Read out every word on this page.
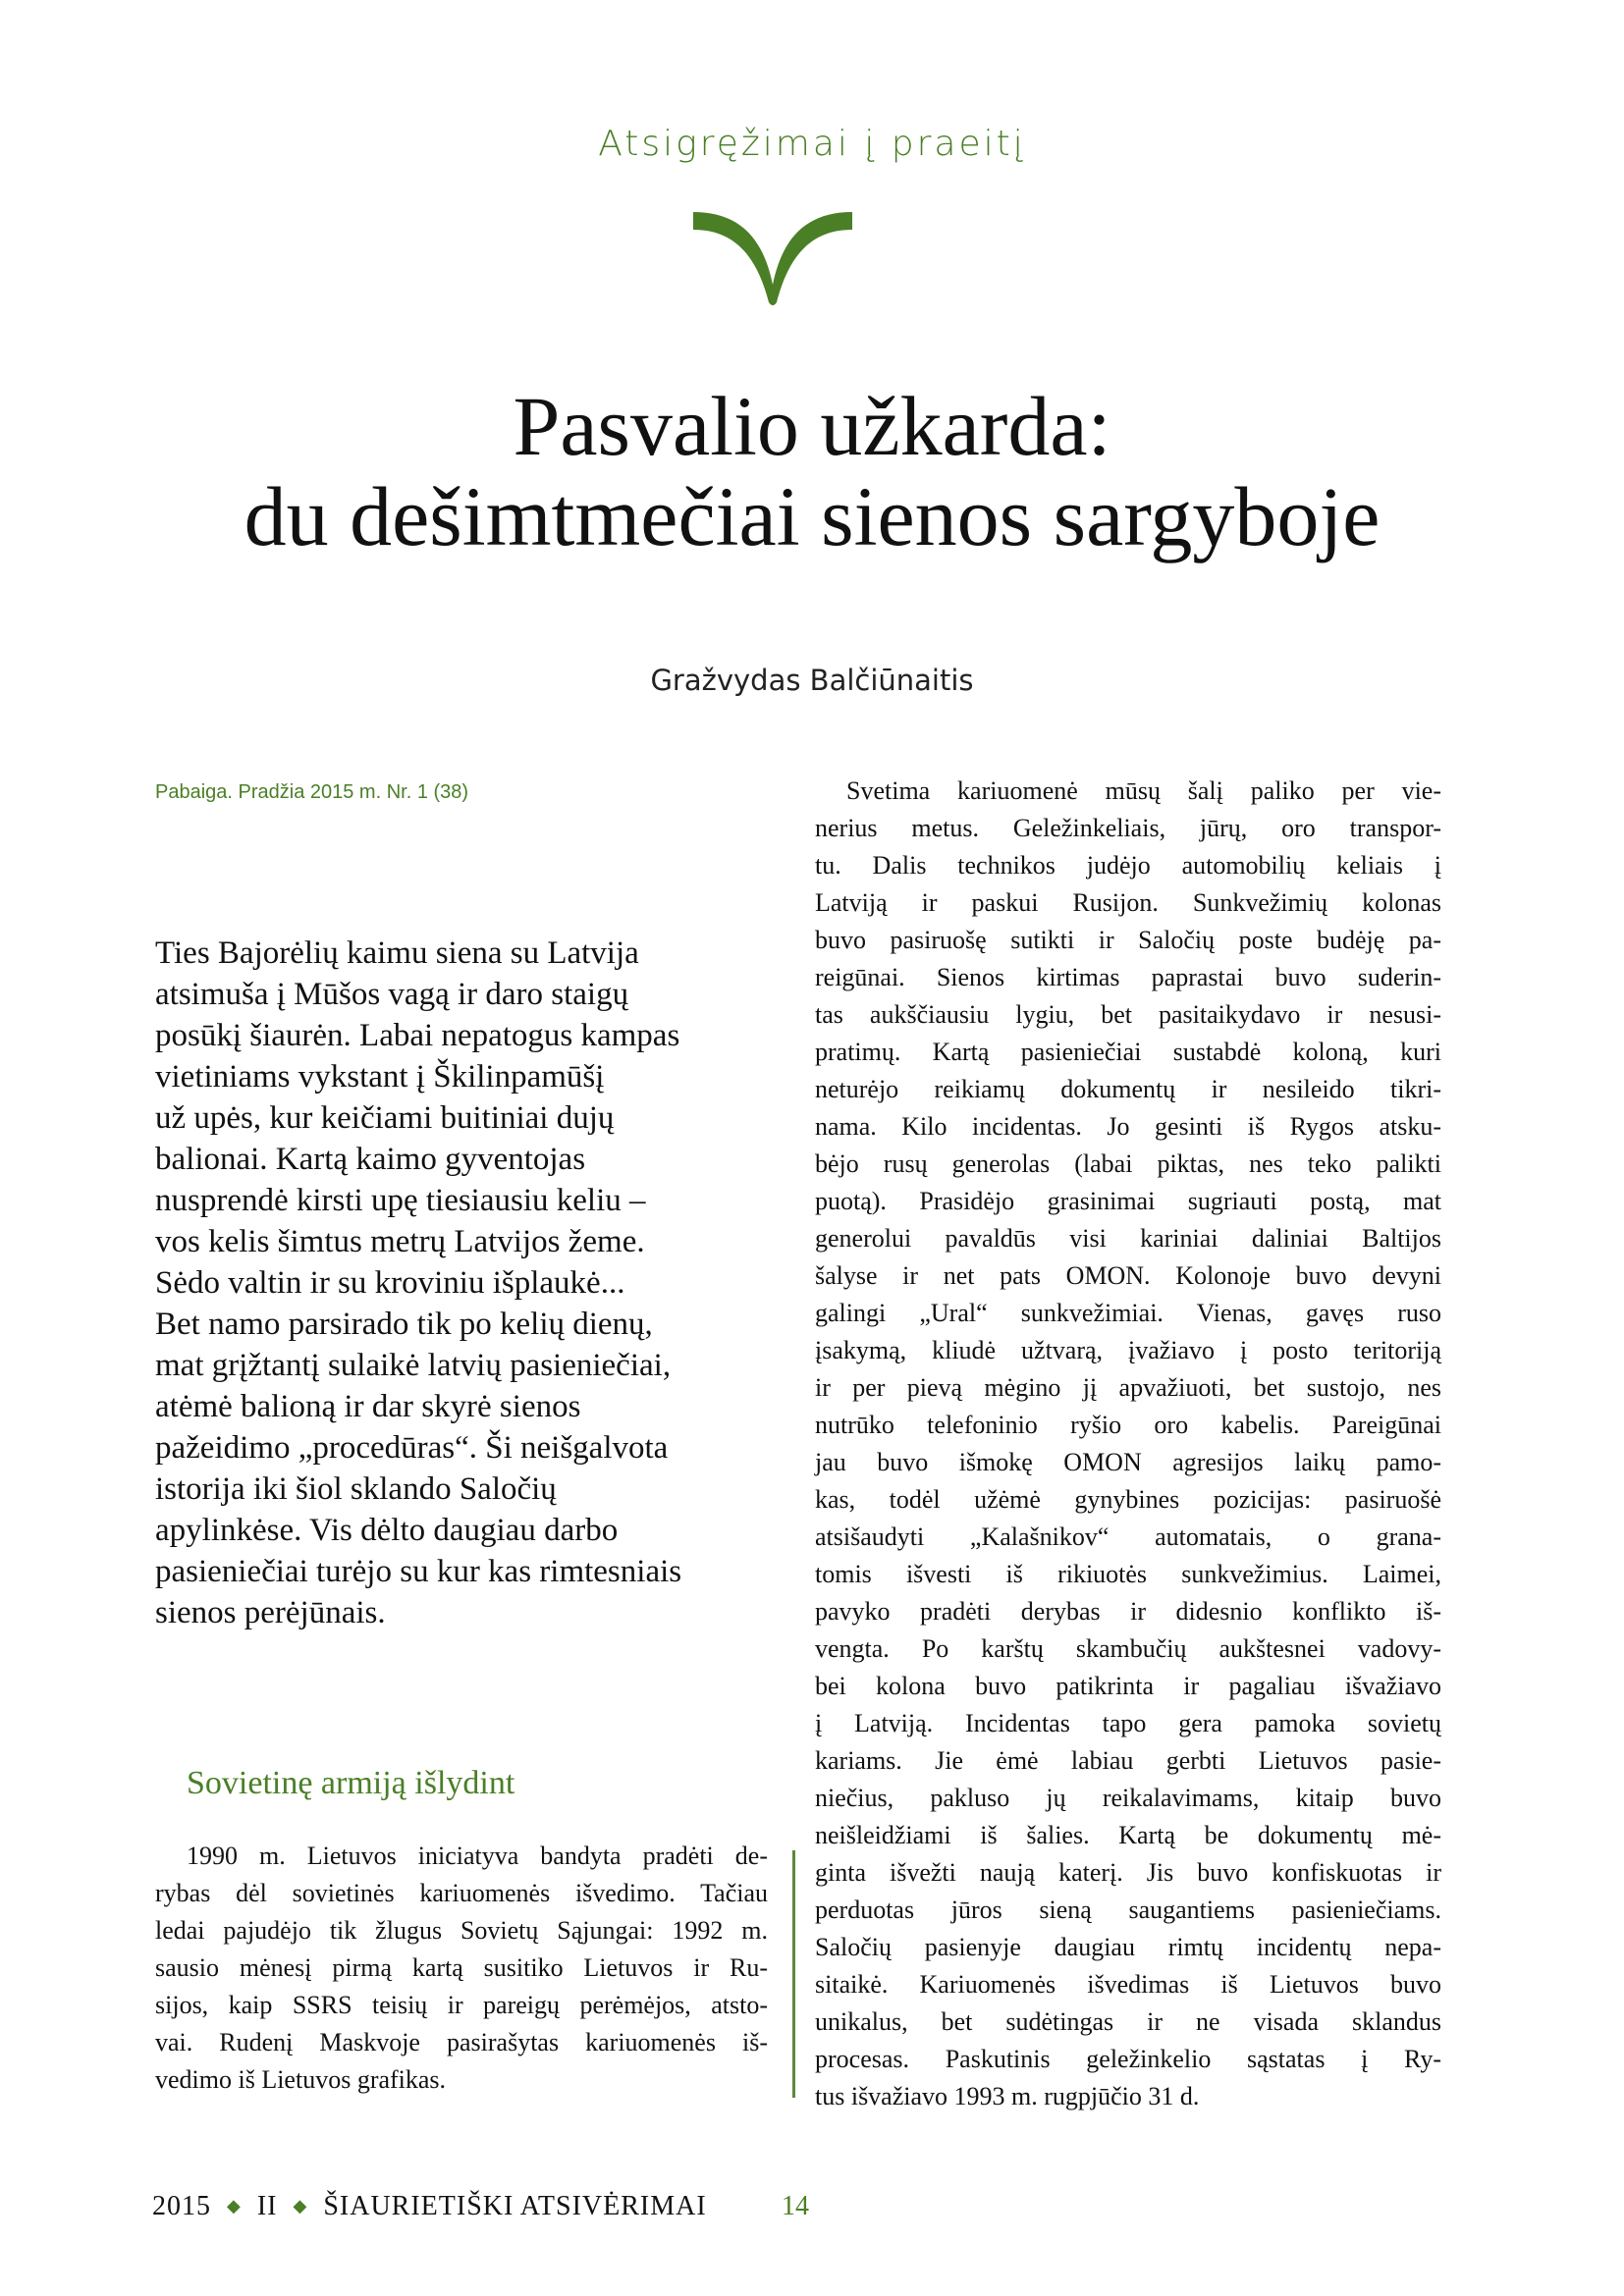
Atsigręžimai į praeitį
Pasvalio užkarda:
du dešimtmečiai sienos sargyboje
Gražvydas Balčiūnaitis
Pabaiga. Pradžia 2015 m. Nr. 1 (38)
Ties Bajorėlių kaimu siena su Latvija
atsimuša į Mūšos vagą ir daro staigų
posūkį šiaurėn. Labai nepatogus kampas
vietiniams vykstant į Škilinpamūšį
už upės, kur keičiami buitiniai dujų
balionai. Kartą kaimo gyventojas
nusprendė kirsti upę tiesiausiu keliu –
vos kelis šimtus metrų Latvijos žeme.
Sėdo valtin ir su kroviniu išplaukė...
Bet namo parsirado tik po kelių dienų,
mat grįžtantį sulaikė latvių pasieniečiai,
atėmė balioną ir dar skyrė sienos
pažeidimo „procedūras“. Ši neišgalvota
istorija iki šiol sklando Saločių
apylinkėse. Vis dėlto daugiau darbo
pasieniečiai turėjo su kur kas rimtesniais
sienos perėjūnais.
Sovietinę armiją išlydint
1990 m. Lietuvos iniciatyva bandyta pradėti de-
rybas dėl sovietinės kariuomenės išvedimo. Tačiau
ledai pajudėjo tik žlugus Sovietų Sąjungai: 1992 m.
sausio mėnesį pirmą kartą susitiko Lietuvos ir Ru-
sijos, kaip SSRS teisių ir pareigų perėmėjos, atsto-
vai. Rudenį Maskvoje pasirašytas kariuomenės iš-
vedimo iš Lietuvos grafikas.
Svetima kariuomenė mūsų šalį paliko per vie-
nerius metus. Geležinkeliais, jūrų, oro transpor-
tu. Dalis technikos judėjo automobilių keliais į
Latviją ir paskui Rusijon. Sunkvežimių kolonas
buvo pasiruošę sutikti ir Saločių poste budėję pa-
reigūnai. Sienos kirtimas paprastai buvo suderin-
tas aukščiausiu lygiu, bet pasitaikydavo ir nesusi-
pratimų. Kartą pasieniečiai sustabdė koloną, kuri
neturėjo reikiamų dokumentų ir nesileido tikri-
nama. Kilo incidentas. Jo gesinti iš Rygos atsku-
bėjo rusų generolas (labai piktas, nes teko palikti
puotą). Prasidėjo grasinimai sugriauti postą, mat
generolui pavaldūs visi kariniai daliniai Baltijos
šalyse ir net pats OMON. Kolonoje buvo devyni
galingi „Ural“ sunkvežimiai. Vienas, gavęs ruso
įsakymą, kliudė užtvarą, įvažiavo į posto teritoriją
ir per pievą mėgino jį apvažiuoti, bet sustojo, nes
nutrūko telefoninio ryšio oro kabelis. Pareigūnai
jau buvo išmokę OMON agresijos laikų pamo-
kas, todėl užėmė gynybines pozicijas: pasiruošė
atsišaudyti „Kalašnikov“ automatais, o grana-
tomis išvesti iš rikiuotės sunkvežimius. Laimei,
pavyko pradėti derybas ir didesnio konflikto iš-
vengta. Po karštų skambučių aukštesnei vadovy-
bei kolona buvo patikrinta ir pagaliau išvažiavo
į Latviją. Incidentas tapo gera pamoka sovietų
kariams. Jie ėmė labiau gerbti Lietuvos pasie-
niečius, pakluso jų reikalavimams, kitaip buvo
neišleidžiami iš šalies. Kartą be dokumentų mė-
ginta išvežti naują katerį. Jis buvo konfiskuotas ir
perduotas jūros sieną saugantiems pasieniečiams.
Saločių pasienyje daugiau rimtų incidentų nepa-
sitaikė. Kariuomenės išvedimas iš Lietuvos buvo
unikalus, bet sudėtingas ir ne visada sklandus
procesas. Paskutinis geležinkelio sąstatas į Ry-
tus išvažiavo 1993 m. rugpjūčio 31 d.
2015 ◆ II ◆ ŠIAURIETIŠKI ATSIVĖRIMAI	14
